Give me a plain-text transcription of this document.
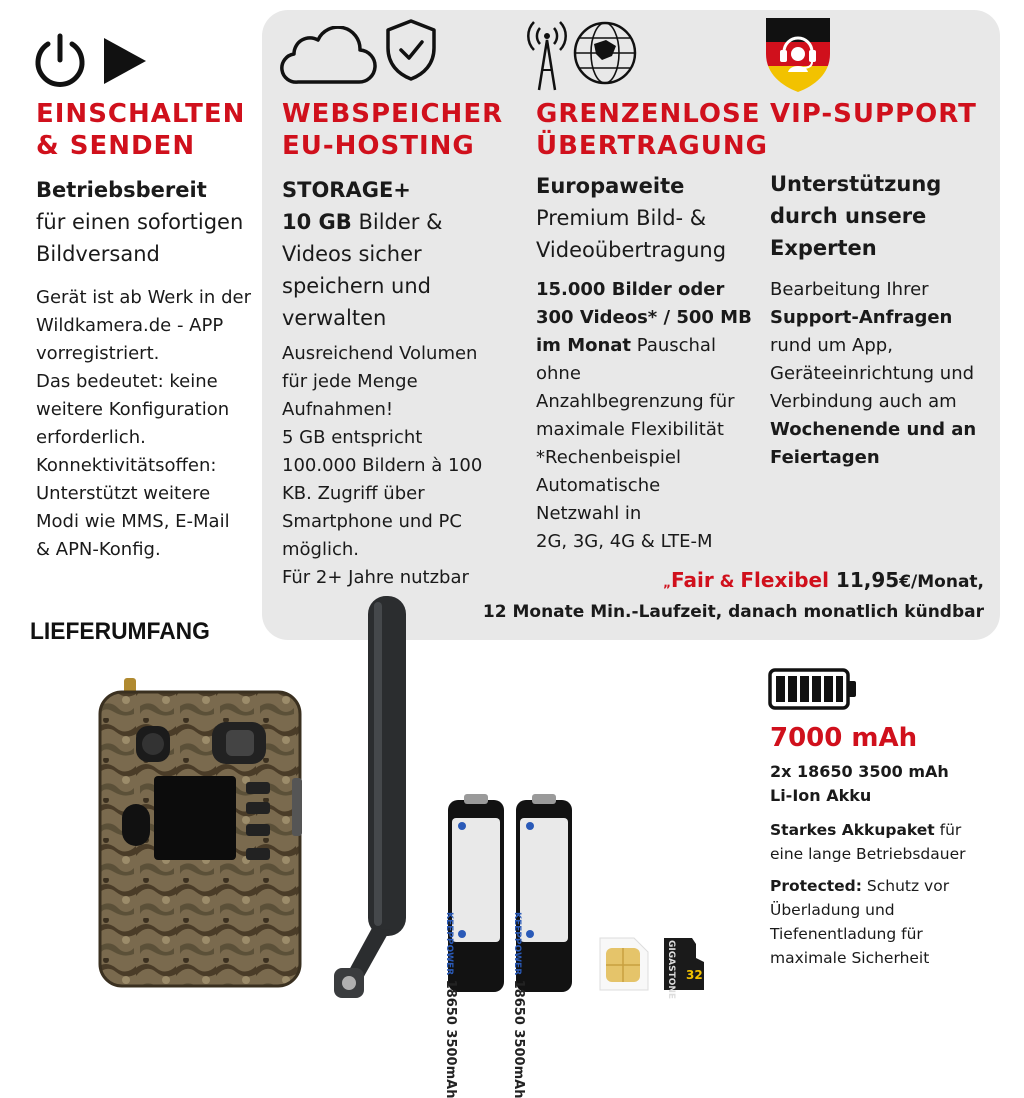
EINSCHALTEN
& SENDEN
Betriebsbereit
für einen sofortigen
Bildversand
Gerät ist ab Werk in der
Wildkamera.de - APP
vorregistriert.
Das bedeutet: keine
weitere Konfiguration
erforderlich.
Konnektivitätsoffen:
Unterstützt weitere
Modi wie MMS, E-Mail
& APN-Konfig.
WEBSPEICHER
EU-HOSTING
STORAGE+
10 GB Bilder &
Videos sicher
speichern und
verwalten
Ausreichend Volumen
für jede Menge
Aufnahmen!
5 GB entspricht
100.000 Bildern à 100
KB. Zugriff über
Smartphone und PC
möglich.
Für 2+ Jahre nutzbar
GRENZENLOSE
ÜBERTRAGUNG
Europaweite
Premium Bild- &
Videoübertragung
15.000 Bilder oder
300 Videos* / 500 MB
im Monat Pauschal
ohne
Anzahlbegrenzung für
maximale Flexibilität
*Rechenbeispiel
Automatische
Netzwahl in
2G, 3G, 4G & LTE-M
VIP-SUPPORT
Unterstützung
durch unsere
Experten
Bearbeitung Ihrer
Support-Anfragen
rund um App,
Geräteeinrichtung und
Verbindung auch am
Wochenende und an
Feiertagen
„Fair & Flexibel 11,95€/Monat,
12 Monate Min.-Laufzeit, danach monatlich kündbar
LIEFERUMFANG
KEEPPOWER 18650 3500mAh
KEEPPOWER 18650 3500mAh
GIGASTONE 32
7000 mAh
2x 18650 3500 mAh
Li-Ion Akku
Starkes Akkupaket für
eine lange Betriebsdauer
Protected: Schutz vor
Überladung und
Tiefenentladung für
maximale Sicherheit
